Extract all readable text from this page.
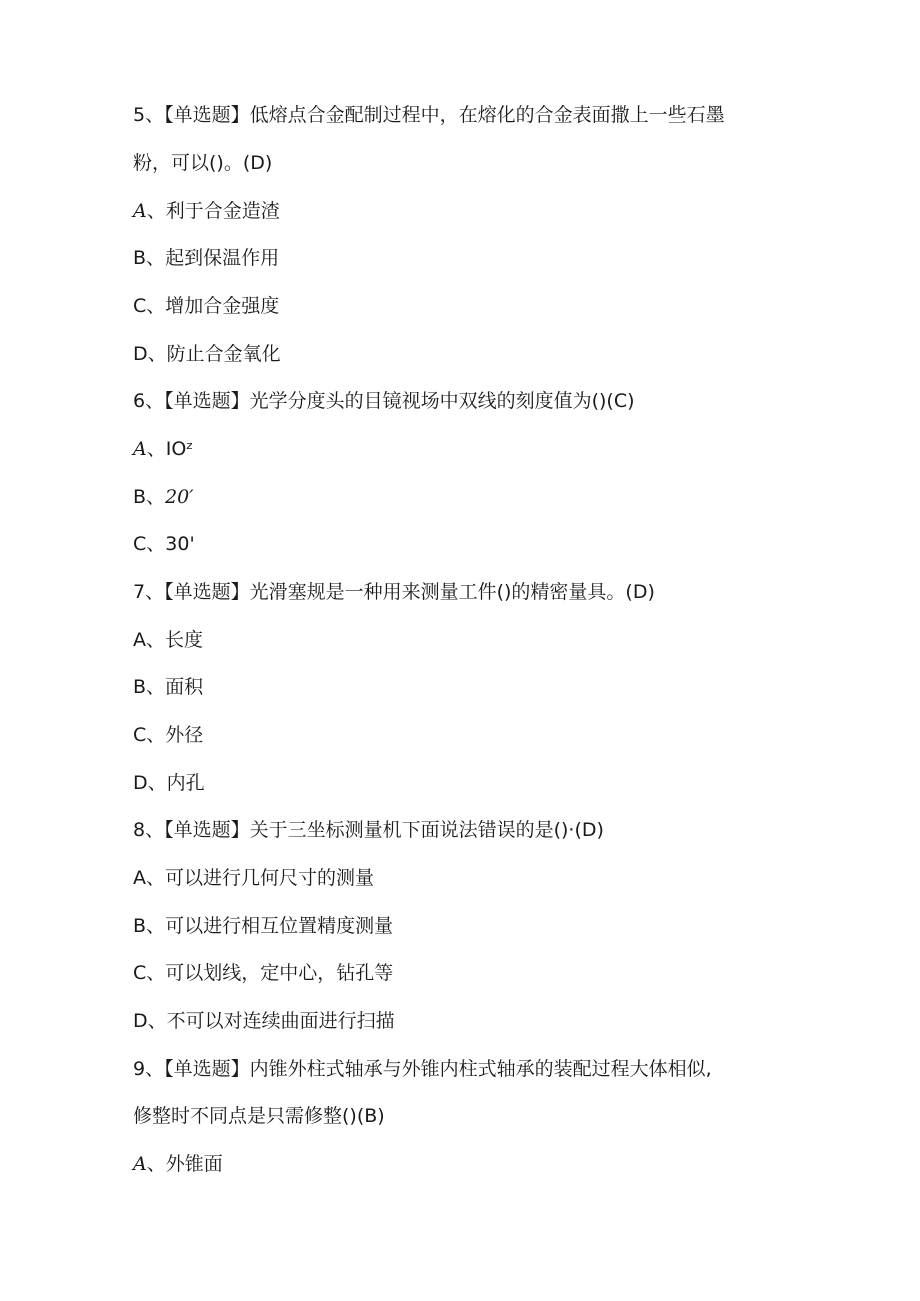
5、【单选题】低熔点合金配制过程中，在熔化的合金表面撒上一些石墨
粉，可以()。(D)
A、利于合金造渣
B、起到保温作用
C、增加合金强度
D、防止合金氧化
6、【单选题】光学分度头的目镜视场中双线的刻度值为()(C)
A、IOᶻ
B、20′
C、30'
7、【单选题】光滑塞规是一种用来测量工件()的精密量具。(D)
A、长度
B、面积
C、外径
D、内孔
8、【单选题】关于三坐标测量机下面说法错误的是()·(D)
A、可以进行几何尺寸的测量
B、可以进行相互位置精度测量
C、可以划线，定中心，钻孔等
D、不可以对连续曲面进行扫描
9、【单选题】内锥外柱式轴承与外锥内柱式轴承的装配过程大体相似,
修整时不同点是只需修整()(B)
A、外锥面
